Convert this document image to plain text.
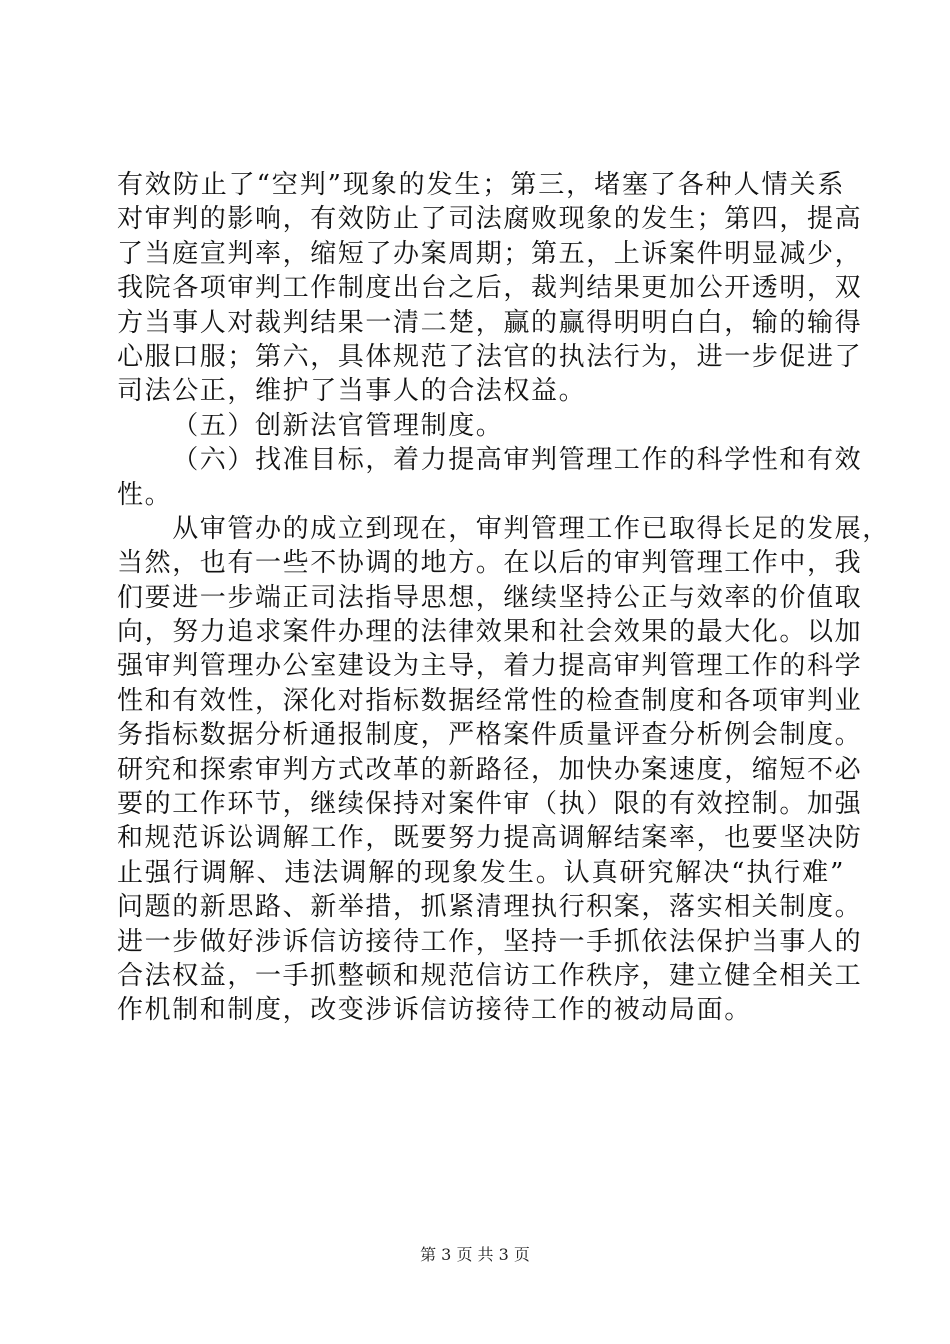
有效防止了“空判”现象的发生；第三，堵塞了各种人情关系
对审判的影响，有效防止了司法腐败现象的发生；第四，提高
了当庭宣判率，缩短了办案周期；第五，上诉案件明显减少，
我院各项审判工作制度出台之后，裁判结果更加公开透明，双
方当事人对裁判结果一清二楚，赢的赢得明明白白，输的输得
心服口服；第六，具体规范了法官的执法行为，进一步促进了
司法公正，维护了当事人的合法权益。
（五）创新法官管理制度。
（六）找准目标，着力提高审判管理工作的科学性和有效
性。
从审管办的成立到现在，审判管理工作已取得长足的发展，
当然，也有一些不协调的地方。在以后的审判管理工作中，我
们要进一步端正司法指导思想，继续坚持公正与效率的价值取
向，努力追求案件办理的法律效果和社会效果的最大化。以加
强审判管理办公室建设为主导，着力提高审判管理工作的科学
性和有效性，深化对指标数据经常性的检查制度和各项审判业
务指标数据分析通报制度，严格案件质量评查分析例会制度。
研究和探索审判方式改革的新路径，加快办案速度，缩短不必
要的工作环节，继续保持对案件审（执）限的有效控制。加强
和规范诉讼调解工作，既要努力提高调解结案率，也要坚决防
止强行调解、违法调解的现象发生。认真研究解决“执行难”
问题的新思路、新举措，抓紧清理执行积案，落实相关制度。
进一步做好涉诉信访接待工作，坚持一手抓依法保护当事人的
合法权益，一手抓整顿和规范信访工作秩序，建立健全相关工
作机制和制度，改变涉诉信访接待工作的被动局面。
第 3 页 共 3 页
